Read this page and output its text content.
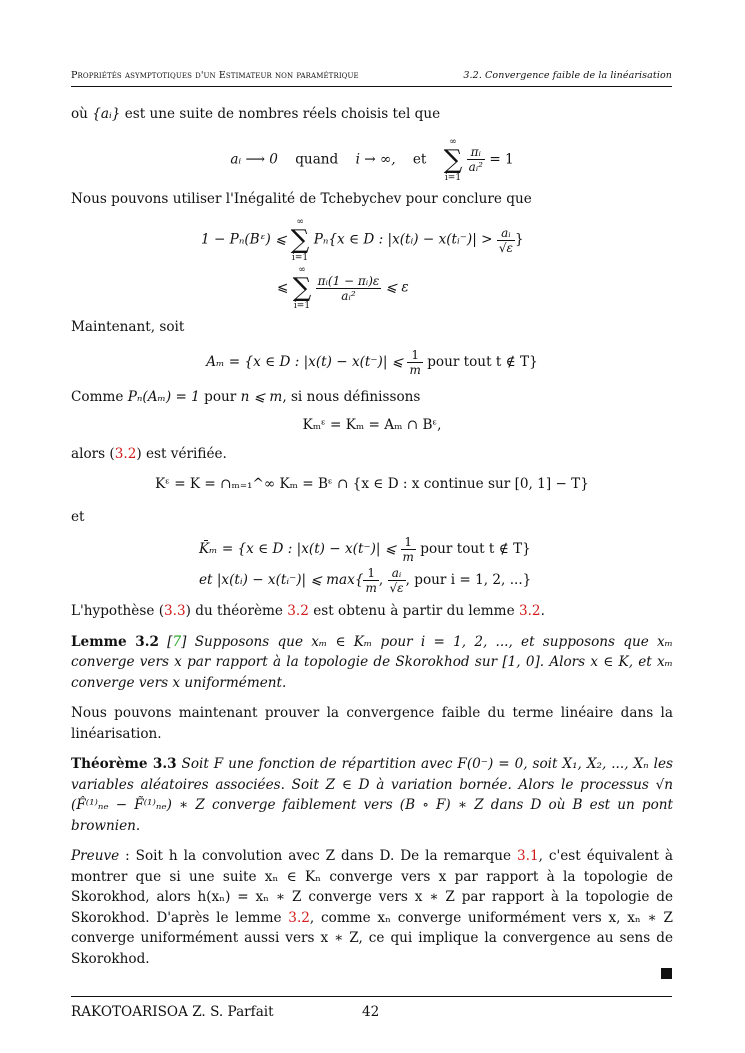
Propriétés asymptotiques d'un Estimateur non paramétrique	3.2. Convergence faible de la linéarisation

où {aᵢ} est une suite de nombres réels choisis tel que

aᵢ ⟶ 0 quand i → ∞, et
∞
∑
i=1

$\frac{\text{πᵢ}}{\text{aᵢ²}} = 1$

Nous pouvons utiliser l'Inégalité de Tchebychev pour conclure que

1 − Pₙ(Bᵋ) ⩽
∞
∑
i=1
Pₙ{x ∈ D : |x(tᵢ) − x(tᵢ⁻)| > $\frac{\text{aᵢ}}{√\varepsilon}$ }
⩽
∞
∑
i=1

$\frac{\text{πᵢ(1 − πᵢ)ε}}{\text{aᵢ²}}$ ⩽ ε

Maintenant, soit

Aₘ = {x ∈ D : |x(t) − x(t⁻)| ⩽ $\frac{1}{m}$ pour tout t ∉ T}

Comme Pₙ(Aₘ) = 1 pour n ⩽ m, si nous définissons

Kₘᵋ = Kₘ = Aₘ ∩ Bᵋ,

alors (3.2) est vérifiée.

Kᵋ = K = ∩ₘ₌₁^∞ Kₘ = Bᵋ ∩ {x ∈ D : x continue sur [0, 1] − T}

et

K̄ₘ = {x ∈ D : |x(t) − x(t⁻)| ⩽ $\frac{1}{m}$ pour tout t ∉ T}
et |x(tᵢ) − x(tᵢ⁻)| ⩽ $\max\{ \frac{1}{m}$ , $\frac{\text{aᵢ}}{√\varepsilon}$ , pour i = 1, 2, ...}

L'hypothèse (3.3) du théorème 3.2 est obtenu à partir du lemme 3.2.

Lemme 3.2 [7] Supposons que xₘ ∈ Kₘ pour i = 1, 2, ..., et supposons que xₘ converge vers x par rapport à la topologie de Skorokhod sur [1, 0]. Alors x ∈ K, et xₘ converge vers x uniformément.

Nous pouvons maintenant prouver la convergence faible du terme linéaire dans la linéarisation.

Théorème 3.3 Soit F une fonction de répartition avec F(0⁻) = 0, soit X₁, X₂, ..., Xₙ les variables aléatoires associées. Soit Z ∈ D à variation bornée. Alors le processus √n (F̂⁽¹⁾ₙₑ − F̃⁽¹⁾ₙₑ) ∗ Z converge faiblement vers (B ∘ F) ∗ Z dans D où B est un pont brownien.

Preuve : Soit h la convolution avec Z dans D. De la remarque 3.1, c'est équivalent à montrer que si une suite xₙ ∈ Kₙ converge vers x par rapport à la topologie de Skorokhod, alors h(xₙ) = xₙ ∗ Z converge vers x ∗ Z par rapport à la topologie de Skorokhod. D'après le lemme 3.2, comme xₙ converge uniformément vers x, xₙ ∗ Z converge uniformément aussi vers x ∗ Z, ce qui implique la convergence au sens de Skorokhod.

RAKOTOARISOA Z. S. Parfait	42
